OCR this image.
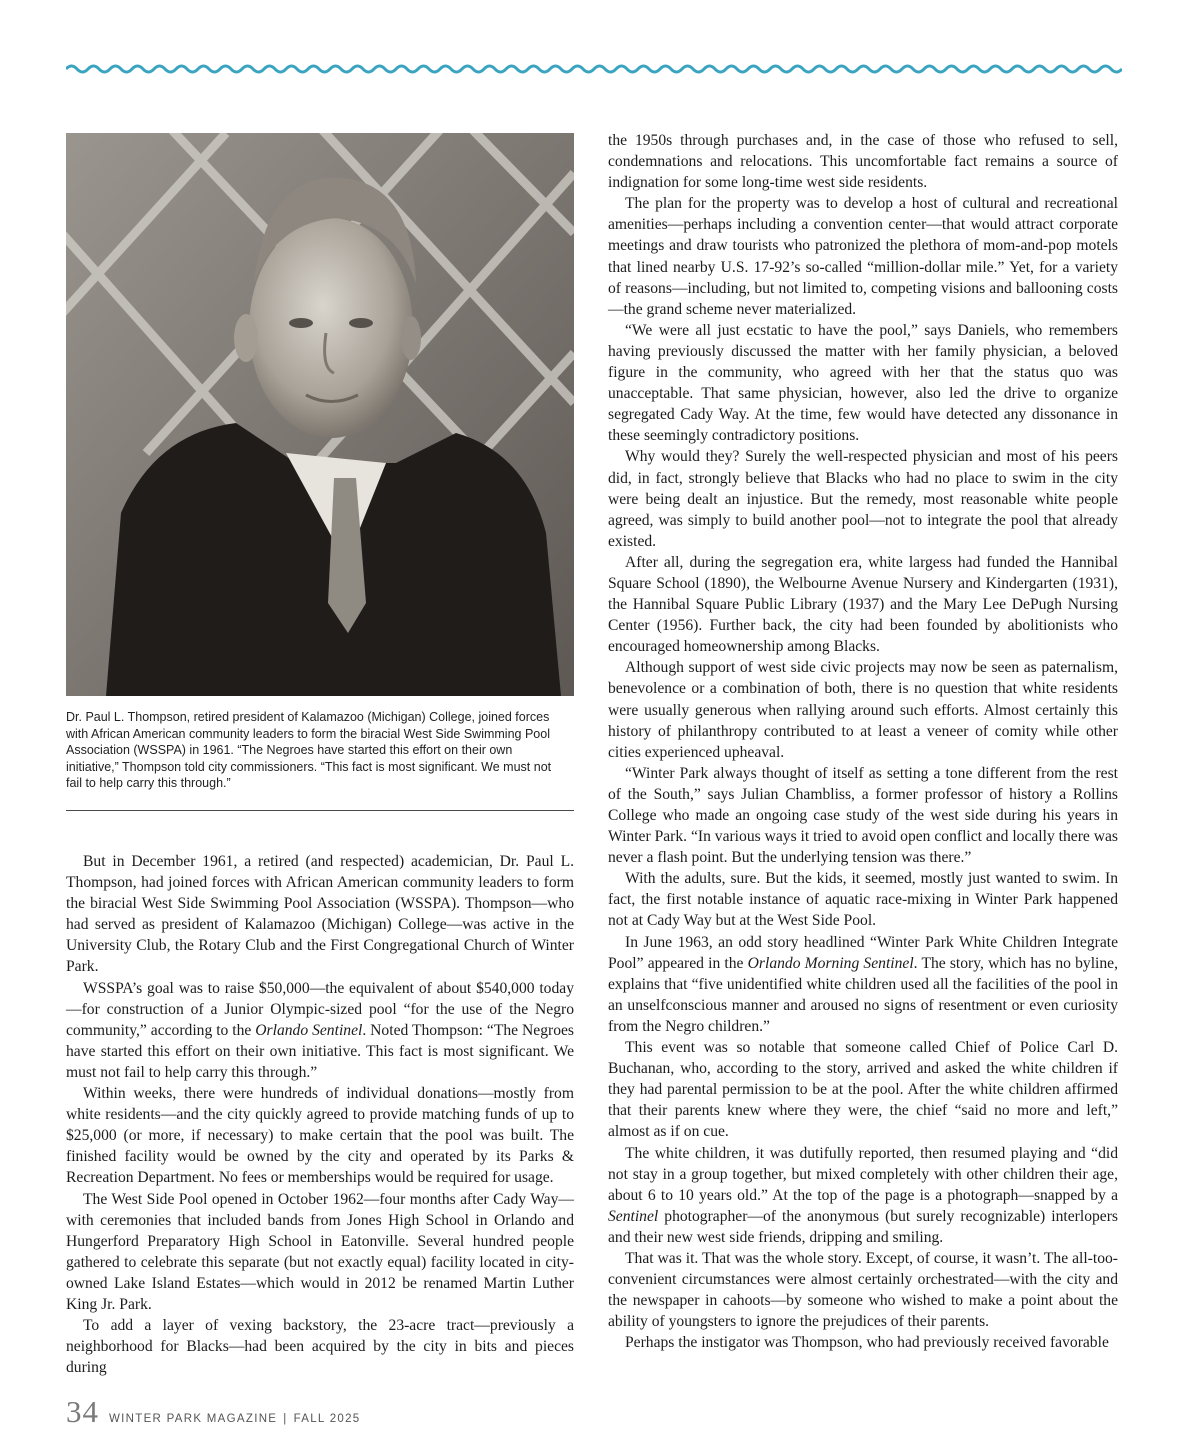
Dr. Paul L. Thompson, retired president of Kalamazoo (Michigan) College, joined forces with African American community leaders to form the biracial West Side Swimming Pool Association (WSSPA) in 1961. “The Negroes have started this effort on their own initiative,” Thompson told city commissioners. “This fact is most significant. We must not fail to help carry this through.”

But in December 1961, a retired (and respected) academician, Dr. Paul L. Thompson, had joined forces with African American community leaders to form the biracial West Side Swimming Pool Association (WSSPA). Thompson—who had served as president of Kalamazoo (Michigan) College—was active in the University Club, the Rotary Club and the First Congregational Church of Winter Park.

WSSPA’s goal was to raise $50,000—the equivalent of about $540,000 today—for construction of a Junior Olympic-sized pool “for the use of the Negro community,” according to the Orlando Sentinel. Noted Thompson: “The Negroes have started this effort on their own initiative. This fact is most significant. We must not fail to help carry this through.”

Within weeks, there were hundreds of individual donations—mostly from white residents—and the city quickly agreed to provide matching funds of up to $25,000 (or more, if necessary) to make certain that the pool was built. The finished facility would be owned by the city and operated by its Parks & Recreation Department. No fees or memberships would be required for usage.

The West Side Pool opened in October 1962—four months after Cady Way—with ceremonies that included bands from Jones High School in Orlando and Hungerford Preparatory High School in Eatonville. Several hundred people gathered to celebrate this separate (but not exactly equal) facility located in city-owned Lake Island Estates—which would in 2012 be renamed Martin Luther King Jr. Park.

To add a layer of vexing backstory, the 23-acre tract—previously a neighborhood for Blacks—had been acquired by the city in bits and pieces during

the 1950s through purchases and, in the case of those who refused to sell, condemnations and relocations. This uncomfortable fact remains a source of indignation for some long-time west side residents.

The plan for the property was to develop a host of cultural and recreational amenities—perhaps including a convention center—that would attract corporate meetings and draw tourists who patronized the plethora of mom-and-pop motels that lined nearby U.S. 17-92’s so-called “million-dollar mile.” Yet, for a variety of reasons—including, but not limited to, competing visions and ballooning costs—the grand scheme never materialized.

“We were all just ecstatic to have the pool,” says Daniels, who remembers having previously discussed the matter with her family physician, a beloved figure in the community, who agreed with her that the status quo was unacceptable. That same physician, however, also led the drive to organize segregated Cady Way. At the time, few would have detected any dissonance in these seemingly contradictory positions.

Why would they? Surely the well-respected physician and most of his peers did, in fact, strongly believe that Blacks who had no place to swim in the city were being dealt an injustice. But the remedy, most reasonable white people agreed, was simply to build another pool—not to integrate the pool that already existed.

After all, during the segregation era, white largess had funded the Hannibal Square School (1890), the Welbourne Avenue Nursery and Kindergarten (1931), the Hannibal Square Public Library (1937) and the Mary Lee DePugh Nursing Center (1956). Further back, the city had been founded by abolitionists who encouraged homeownership among Blacks.

Although support of west side civic projects may now be seen as paternalism, benevolence or a combination of both, there is no question that white residents were usually generous when rallying around such efforts. Almost certainly this history of philanthropy contributed to at least a veneer of comity while other cities experienced upheaval.

“Winter Park always thought of itself as setting a tone different from the rest of the South,” says Julian Chambliss, a former professor of history a Rollins College who made an ongoing case study of the west side during his years in Winter Park. “In various ways it tried to avoid open conflict and locally there was never a flash point. But the underlying tension was there.”

With the adults, sure. But the kids, it seemed, mostly just wanted to swim. In fact, the first notable instance of aquatic race-mixing in Winter Park happened not at Cady Way but at the West Side Pool.

In June 1963, an odd story headlined “Winter Park White Children Integrate Pool” appeared in the Orlando Morning Sentinel. The story, which has no byline, explains that “five unidentified white children used all the facilities of the pool in an unselfconscious manner and aroused no signs of resentment or even curiosity from the Negro children.”

This event was so notable that someone called Chief of Police Carl D. Buchanan, who, according to the story, arrived and asked the white children if they had parental permission to be at the pool. After the white children affirmed that their parents knew where they were, the chief “said no more and left,” almost as if on cue.

The white children, it was dutifully reported, then resumed playing and “did not stay in a group together, but mixed completely with other children their age, about 6 to 10 years old.” At the top of the page is a photograph—snapped by a Sentinel photographer—of the anonymous (but surely recognizable) interlopers and their new west side friends, dripping and smiling.

That was it. That was the whole story. Except, of course, it wasn’t. The all-too-convenient circumstances were almost certainly orchestrated—with the city and the newspaper in cahoots—by someone who wished to make a point about the ability of youngsters to ignore the prejudices of their parents.

Perhaps the instigator was Thompson, who had previously received favorable

34 WINTER PARK MAGAZINE | FALL 2025
